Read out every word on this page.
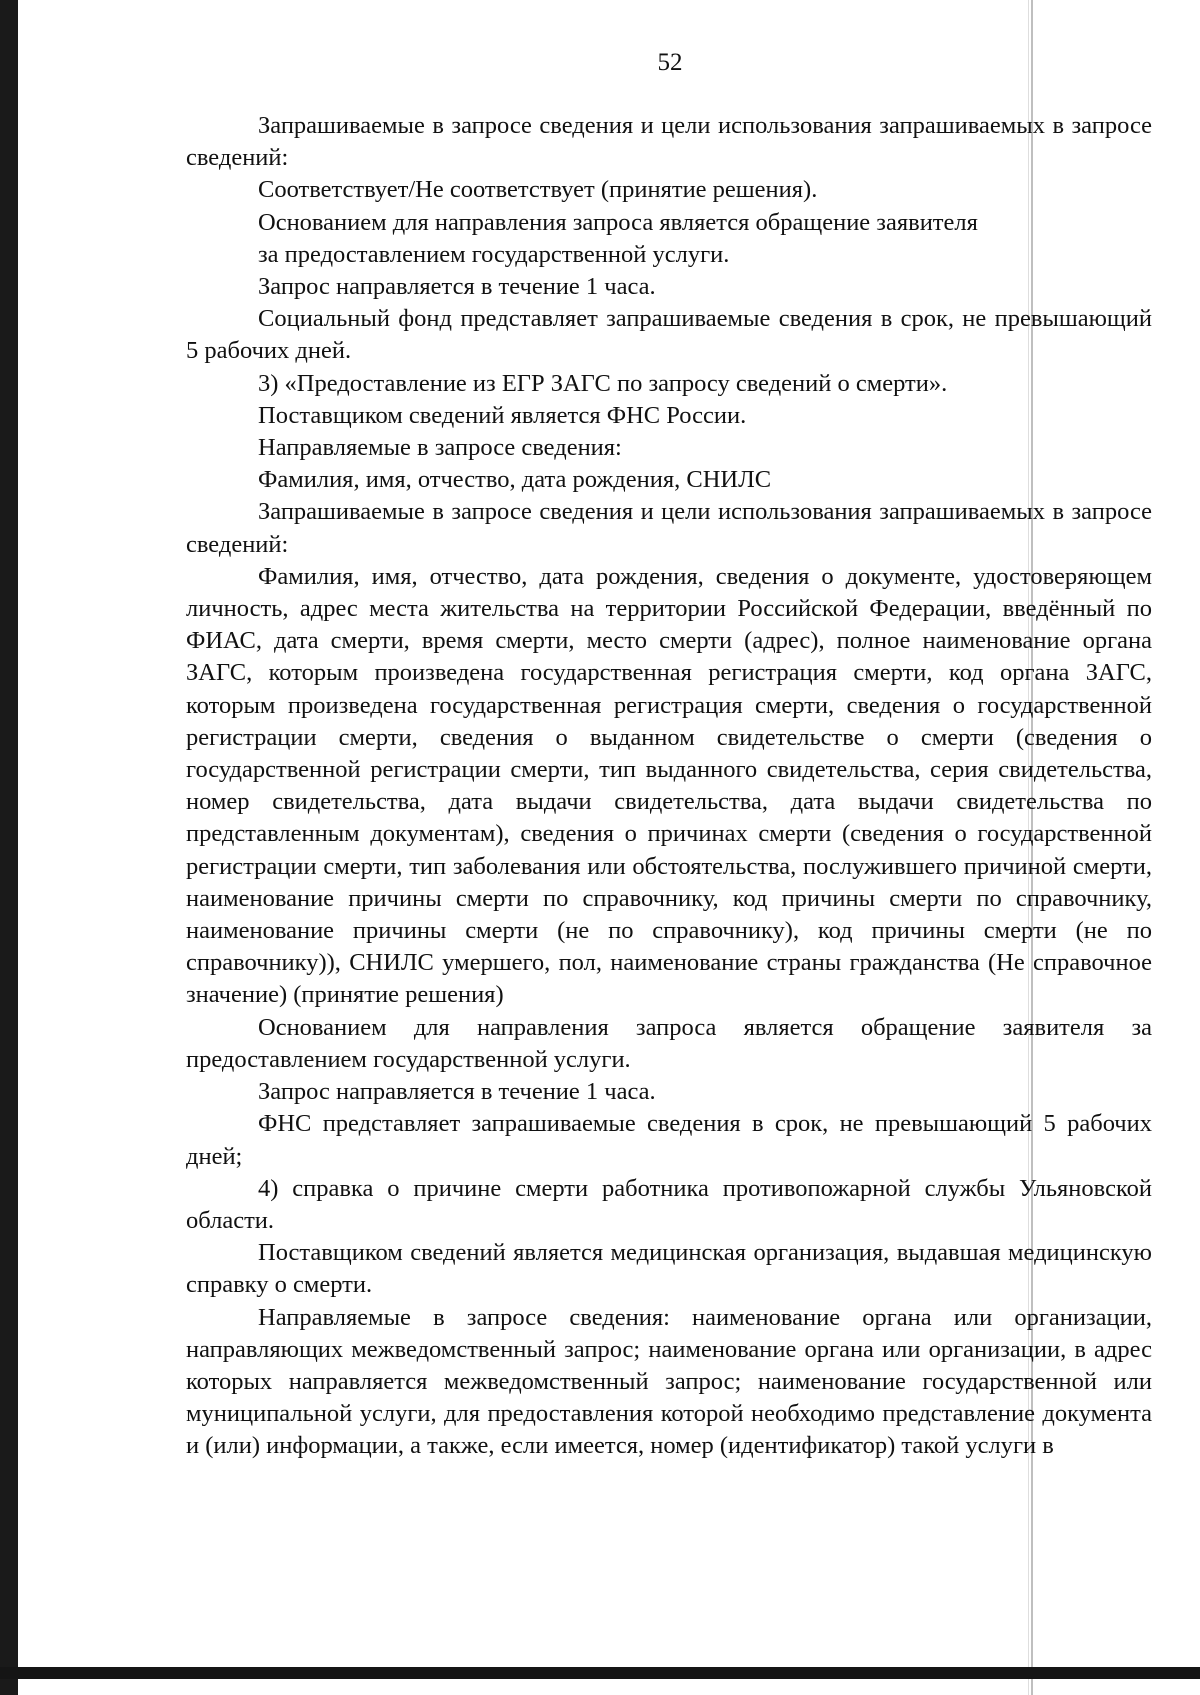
52

Запрашиваемые в запросе сведения и цели использования запрашиваемых в запросе сведений:

Соответствует/Не соответствует (принятие решения).

Основанием для направления запроса является обращение заявителя

за предоставлением государственной услуги.

Запрос направляется в течение 1 часа.

Социальный фонд представляет запрашиваемые сведения в срок, не превышающий 5 рабочих дней.

3) «Предоставление из ЕГР ЗАГС по запросу сведений о смерти».

Поставщиком сведений является ФНС России.

Направляемые в запросе сведения:

Фамилия, имя, отчество, дата рождения, СНИЛС

Запрашиваемые в запросе сведения и цели использования запрашиваемых в запросе сведений:

Фамилия, имя, отчество, дата рождения, сведения о документе, удостоверяющем личность, адрес места жительства на территории Российской Федерации, введённый по ФИАС, дата смерти, время смерти, место смерти (адрес), полное наименование органа ЗАГС, которым произведена государственная регистрация смерти, код органа ЗАГС, которым произведена государственная регистрация смерти, сведения о государственной регистрации смерти, сведения о выданном свидетельстве о смерти (сведения о государственной регистрации смерти, тип выданного свидетельства, серия свидетельства, номер свидетельства, дата выдачи свидетельства, дата выдачи свидетельства по представленным документам), сведения о причинах смерти (сведения о государственной регистрации смерти, тип заболевания или обстоятельства, послужившего причиной смерти, наименование причины смерти по справочнику, код причины смерти по справочнику, наименование причины смерти (не по справочнику), код причины смерти (не по справочнику)), СНИЛС умершего, пол, наименование страны гражданства (Не справочное значение) (принятие решения)

Основанием для направления запроса является обращение заявителя за предоставлением государственной услуги.

Запрос направляется в течение 1 часа.

ФНС представляет запрашиваемые сведения в срок, не превышающий 5 рабочих дней;

4) справка о причине смерти работника противопожарной службы Ульяновской области.

Поставщиком сведений является медицинская организация, выдавшая медицинскую справку о смерти.

Направляемые в запросе сведения: наименование органа или организации, направляющих межведомственный запрос; наименование органа или организации, в адрес которых направляется межведомственный запрос; наименование государственной или муниципальной услуги, для предоставления которой необходимо представление документа и (или) информации, а также, если имеется, номер (идентификатор) такой услуги в
